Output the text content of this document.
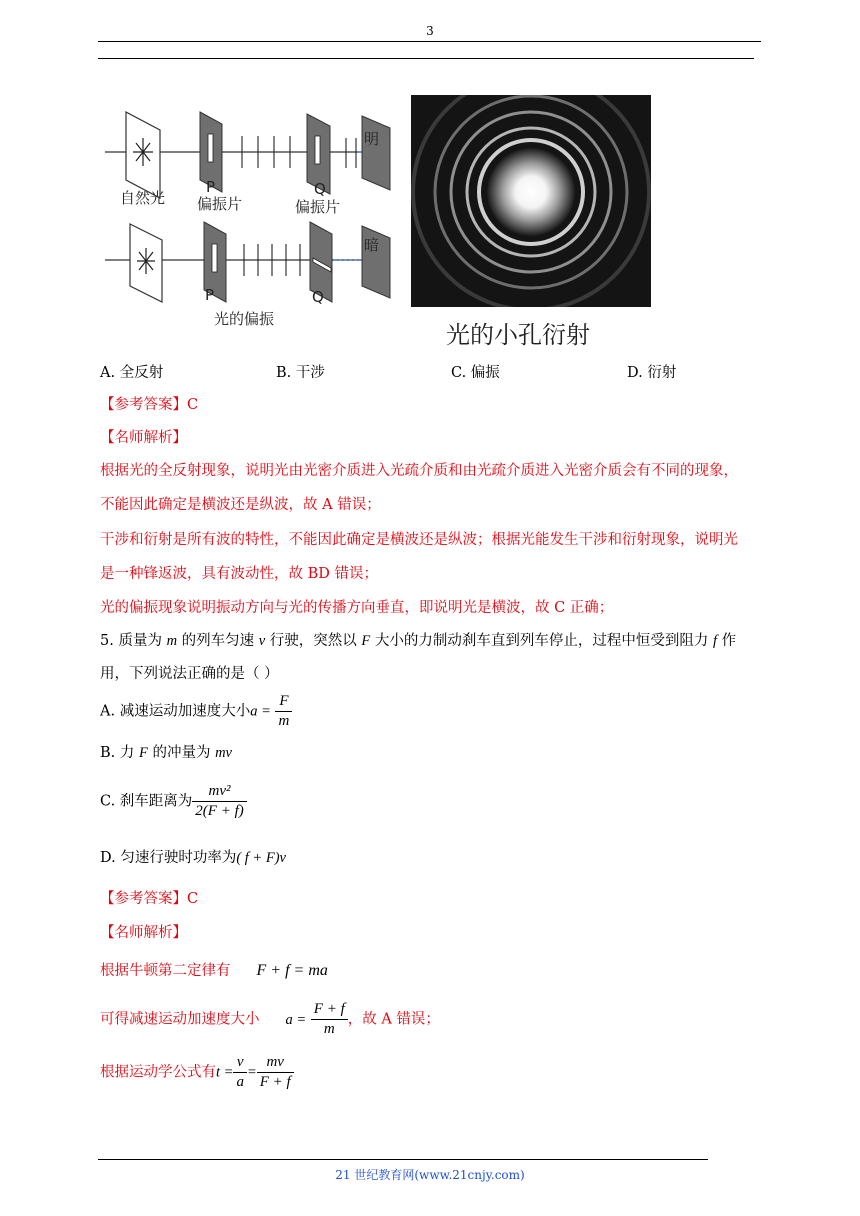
3
明
自然光
P
偏振片
Q
偏振片
暗
P	Q
光的偏振
光的小孔衍射
A. 全反射	B. 干涉	C. 偏振	D. 衍射
【参考答案】C
【名师解析】
根据光的全反射现象，说明光由光密介质进入光疏介质和由光疏介质进入光密介质会有不同的现象，
不能因此确定是横波还是纵波，故 A 错误；
干涉和衍射是所有波的特性，不能因此确定是横波还是纵波；根据光能发生干涉和衍射现象，说明光
是一种锋返波，具有波动性，故 BD 错误；
光的偏振现象说明振动方向与光的传播方向垂直，即说明光是横波，故 C 正确；
5. 质量为 m 的列车匀速 v 行驶，突然以 F 大小的力制动刹车直到列车停止，过程中恒受到阻力 f 作
用，下列说法正确的是（ ）
A. 减速运动加速度大小$a = \frac{F}{m}$
B. 力 F 的冲量为 mv
C. 刹车距离为 $\frac{\text{mv²}}{2(F + f)}$
D. 匀速行驶时功率为( f + F)v
【参考答案】C
【名师解析】
根据牛顿第二定律有 F + f = ma
可得减速运动加速度大小 $a = \frac{F + f}{m}$ ，故 A 错误；
根据运动学公式有$t = \frac{v}{a} = \frac{mv}{F + f}$
21 世纪教育网(www.21cnjy.com)
